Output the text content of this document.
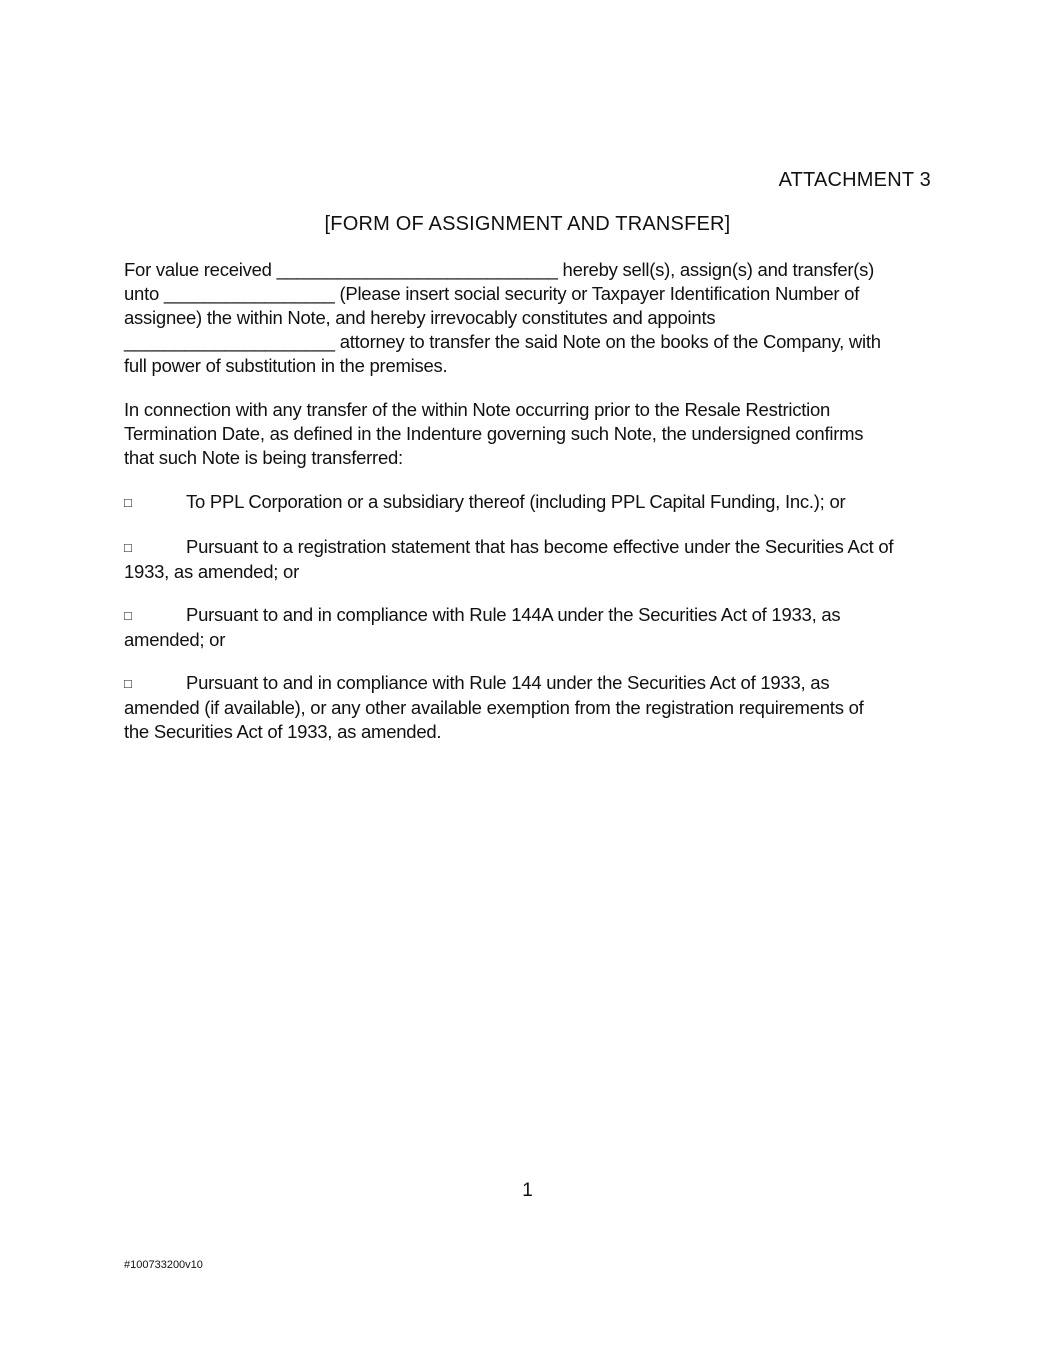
ATTACHMENT 3
[FORM OF ASSIGNMENT AND TRANSFER]
For value received ____________________________ hereby sell(s), assign(s) and transfer(s)
unto _________________ (Please insert social security or Taxpayer Identification Number of
assignee) the within Note, and hereby irrevocably constitutes and appoints
_____________________ attorney to transfer the said Note on the books of the Company, with
full power of substitution in the premises.
In connection with any transfer of the within Note occurring prior to the Resale Restriction
Termination Date, as defined in the Indenture governing such Note, the undersigned confirms
that such Note is being transferred:
□	To PPL Corporation or a subsidiary thereof (including PPL Capital Funding, Inc.); or
□	Pursuant to a registration statement that has become effective under the Securities Act of
1933, as amended; or
□	Pursuant to and in compliance with Rule 144A under the Securities Act of 1933, as
amended; or
□	Pursuant to and in compliance with Rule 144 under the Securities Act of 1933, as
amended (if available), or any other available exemption from the registration requirements of
the Securities Act of 1933, as amended.
1
#100733200v10
